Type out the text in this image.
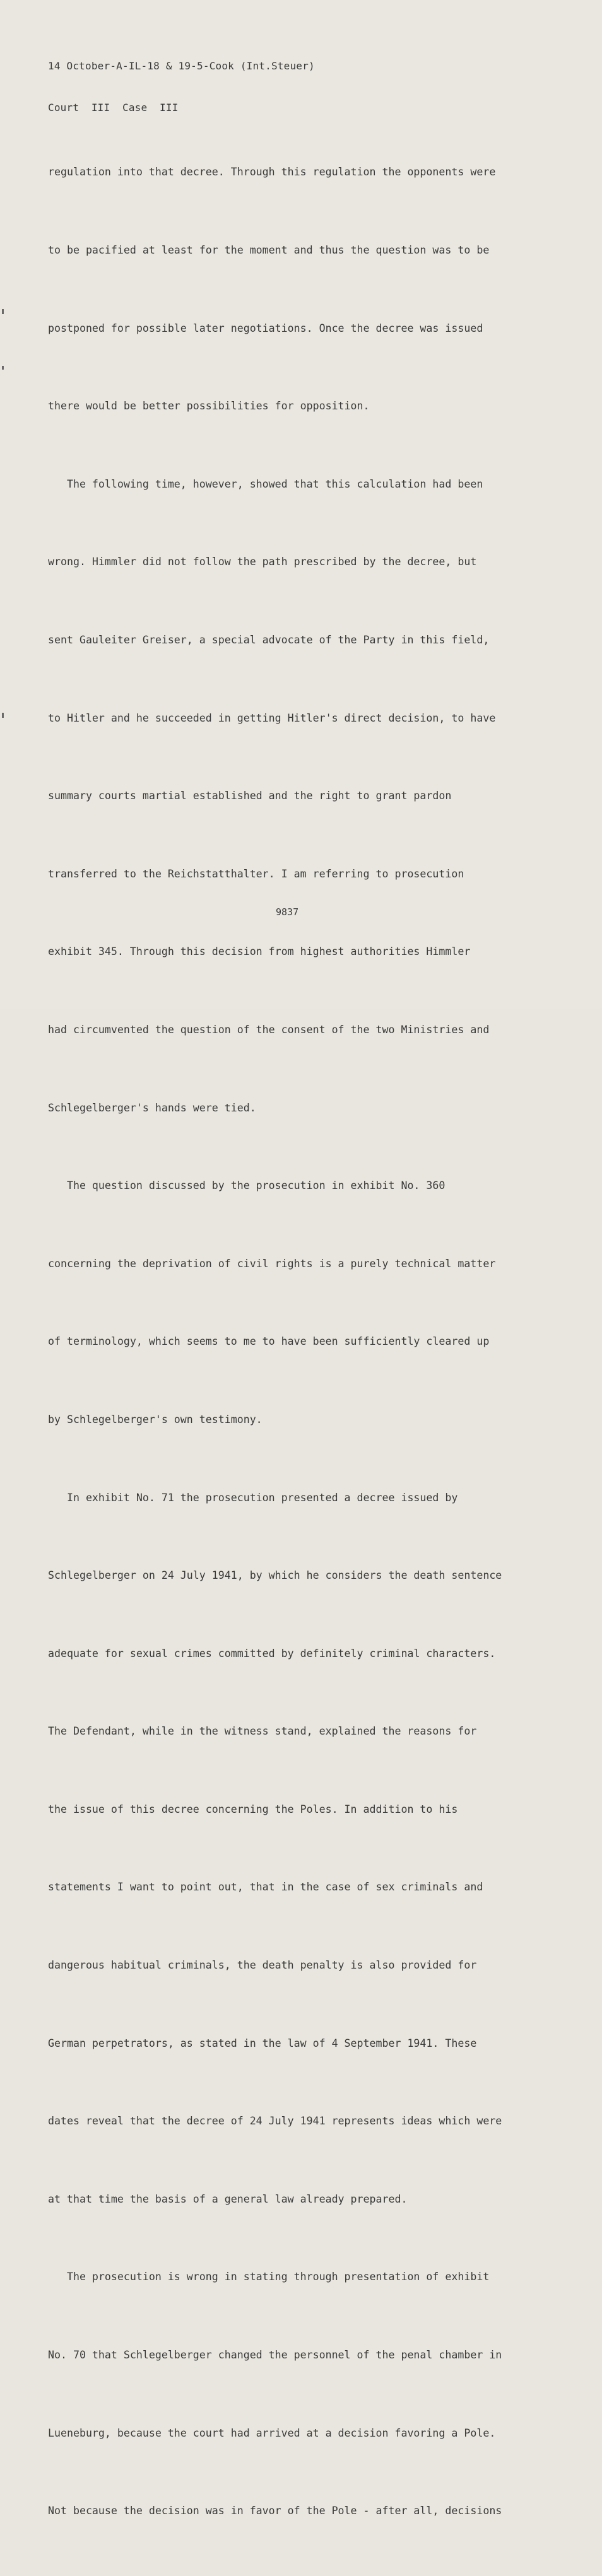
14 October-A-IL-18 & 19-5-Cook (Int.Steuer)

Court  III  Case  III

regulation into that decree. Through this regulation the opponents were

to be pacified at least for the moment and thus the question was to be

postponed for possible later negotiations. Once the decree was issued

there would be better possibilities for opposition.

The following time, however, showed that this calculation had been

wrong. Himmler did not follow the path prescribed by the decree, but

sent Gauleiter Greiser, a special advocate of the Party in this field,

to Hitler and he succeeded in getting Hitler's direct decision, to have

summary courts martial established and the right to grant pardon

transferred to the Reichstatthalter. I am referring to prosecution

exhibit 345. Through this decision from highest authorities Himmler

had circumvented the question of the consent of the two Ministries and

Schlegelberger's hands were tied.

The question discussed by the prosecution in exhibit No. 360

concerning the deprivation of civil rights is a purely technical matter

of terminology, which seems to me to have been sufficiently cleared up

by Schlegelberger's own testimony.

In exhibit No. 71 the prosecution presented a decree issued by

Schlegelberger on 24 July 1941, by which he considers the death sentence

adequate for sexual crimes committed by definitely criminal characters.

The Defendant, while in the witness stand, explained the reasons for

the issue of this decree concerning the Poles. In addition to his

statements I want to point out, that in the case of sex criminals and

dangerous habitual criminals, the death penalty is also provided for

German perpetrators, as stated in the law of 4 September 1941. These

dates reveal that the decree of 24 July 1941 represents ideas which were

at that time the basis of a general law already prepared.

The prosecution is wrong in stating through presentation of exhibit

No. 70 that Schlegelberger changed the personnel of the penal chamber in

Lueneburg, because the court had arrived at a decision favoring a Pole.

Not because the decision was in favor of the Pole - after all, decisions

9837
